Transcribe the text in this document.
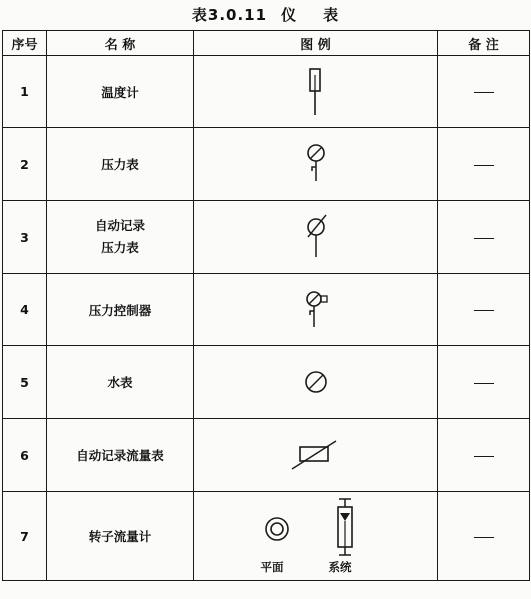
表3.0.11 仪 表
序号	名 称	图 例	备 注
1	温度计	

2	压力表	

3	自动记录
压力表

4	压力控制器	

5	水表	

6	自动记录流量表	

7	转子流量计	平面 系统	
